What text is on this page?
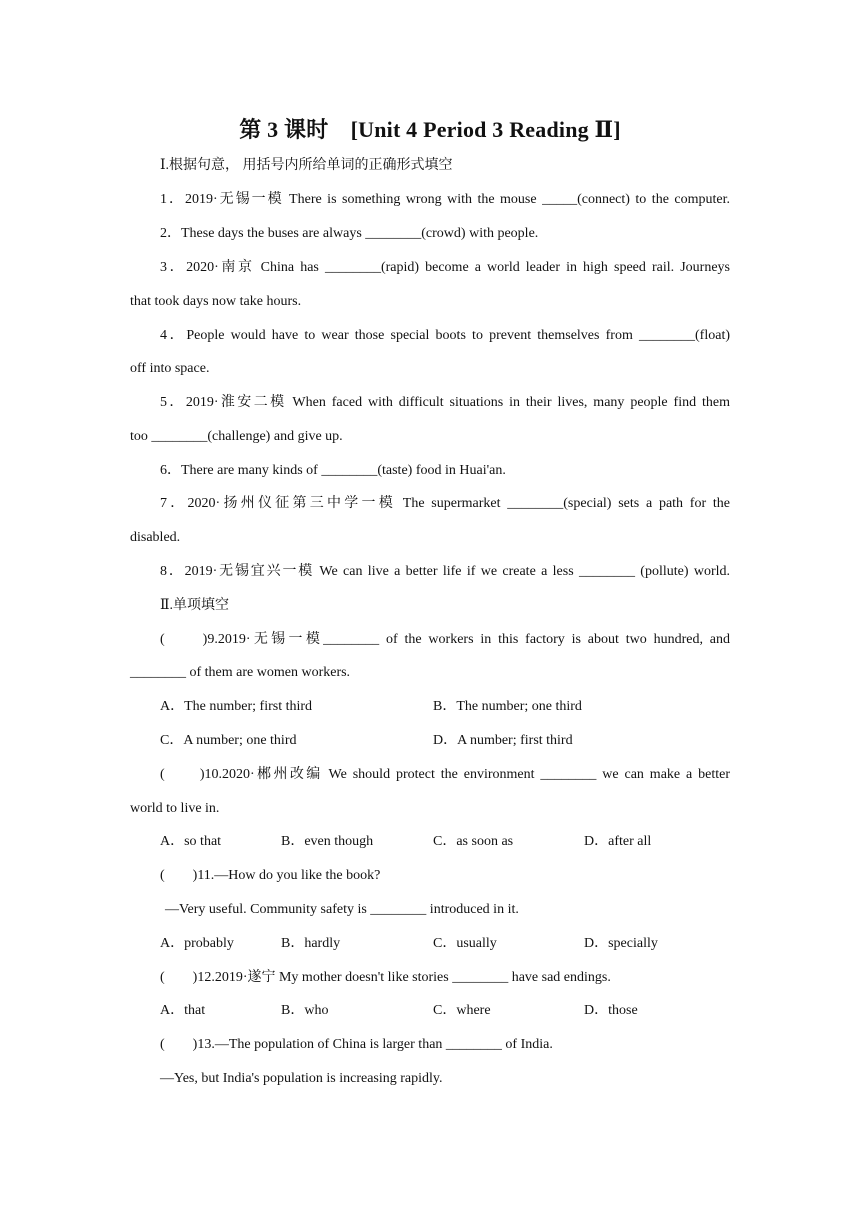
第 3 课时　[Unit 4 Period 3 Reading Ⅱ]
Ⅰ.根据句意， 用括号内所给单词的正确形式填空
1．2019·无锡一模 There is something wrong with the mouse _____(connect) to the computer.
2．These days the buses are always ________(crowd) with people.
3．2020·南京 China has ________(rapid) become a world leader in high speed rail. Journeys
that took days now take hours.
4．People would have to wear those special boots to prevent themselves from ________(float)
off into space.
5．2019·淮安二模 When faced with difficult situations in their lives, many people find them
too ________(challenge) and give up.
6．There are many kinds of ________(taste) food in Huai'an.
7．2020·扬州仪征第三中学一模 The supermarket ________(special) sets a path for the
disabled.
8．2019·无锡宜兴一模 We can live a better life if we create a less ________ (pollute) world.
Ⅱ.单项填空
(　　)9.2019·无锡一模________ of the workers in this factory is about two hundred, and
________ of them are women workers.
A．The number; first third	B．The number; one third
C．A number; one third	D．A number; first third
(　　)10.2020·郴州改编 We should protect the environment ________ we can make a better
world to live in.
A．so that	B．even though	C．as soon as	D．after all
(　　)11.—How do you like the book?
—Very useful. Community safety is ________ introduced in it.
A．probably	B．hardly	C．usually	D．specially
(　　)12.2019·遂宁 My mother doesn't like stories ________ have sad endings.
A．that	B．who	C．where	D．those
(　　)13.—The population of China is larger than ________ of India.
—Yes, but India's population is increasing rapidly.
